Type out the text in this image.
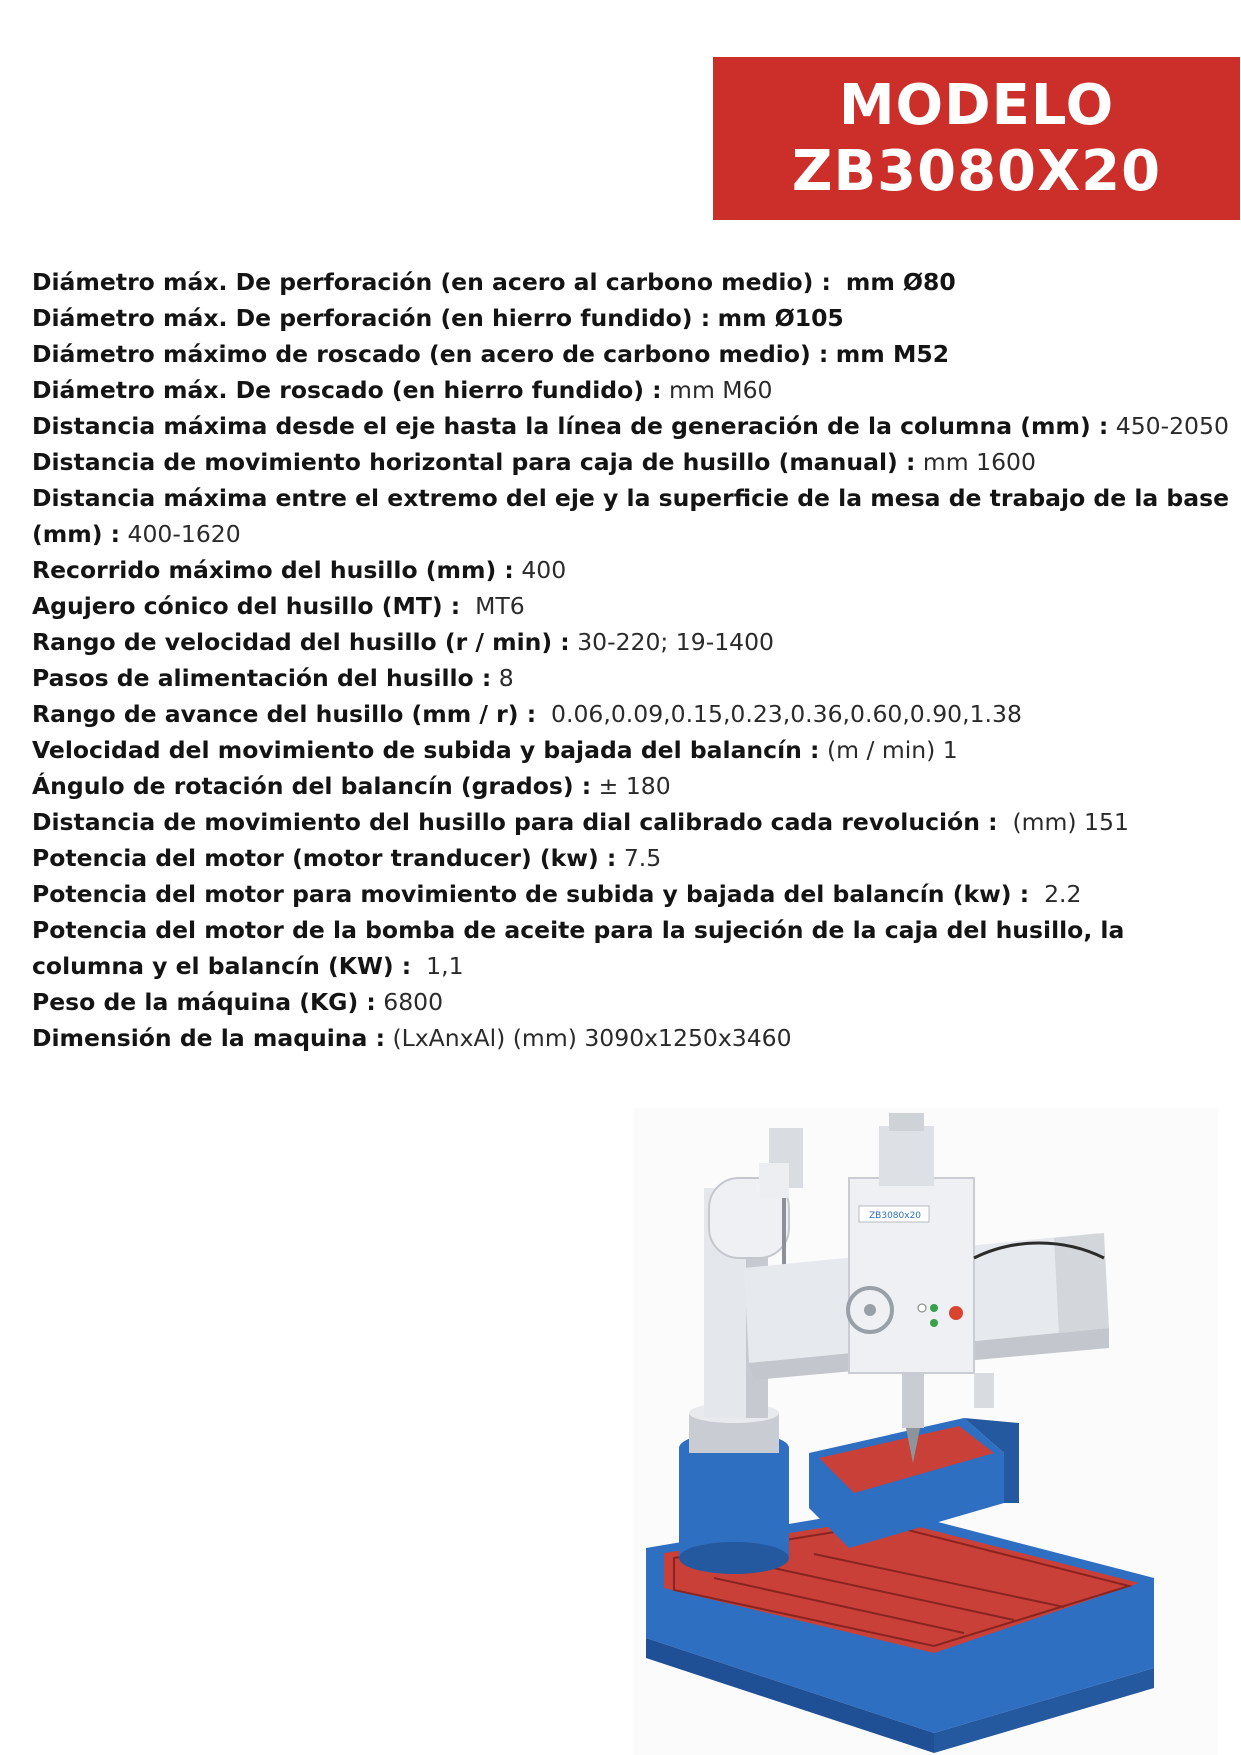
MODELO
ZB3080X20
Diámetro máx. De perforación (en acero al carbono medio) : mm Ø80
Diámetro máx. De perforación (en hierro fundido) : mm Ø105
Diámetro máximo de roscado (en acero de carbono medio) : mm M52
Diámetro máx. De roscado (en hierro fundido) : mm M60
Distancia máxima desde el eje hasta la línea de generación de la columna (mm) : 450-2050
Distancia de movimiento horizontal para caja de husillo (manual) : mm 1600
Distancia máxima entre el extremo del eje y la superficie de la mesa de trabajo de la base (mm) : 400-1620
Recorrido máximo del husillo (mm) : 400
Agujero cónico del husillo (MT) : MT6
Rango de velocidad del husillo (r / min) : 30-220; 19-1400
Pasos de alimentación del husillo : 8
Rango de avance del husillo (mm / r) : 0.06,0.09,0.15,0.23,0.36,0.60,0.90,1.38
Velocidad del movimiento de subida y bajada del balancín : (m / min) 1
Ángulo de rotación del balancín (grados) : ± 180
Distancia de movimiento del husillo para dial calibrado cada revolución : (mm) 151
Potencia del motor (motor tranducer) (kw) : 7.5
Potencia del motor para movimiento de subida y bajada del balancín (kw) : 2.2
Potencia del motor de la bomba de aceite para la sujeción de la caja del husillo, la columna y el balancín (KW) : 1,1
Peso de la máquina (KG) : 6800
Dimensión de la maquina : (LxAnxAl) (mm) 3090x1250x3460
ZB3080x20
